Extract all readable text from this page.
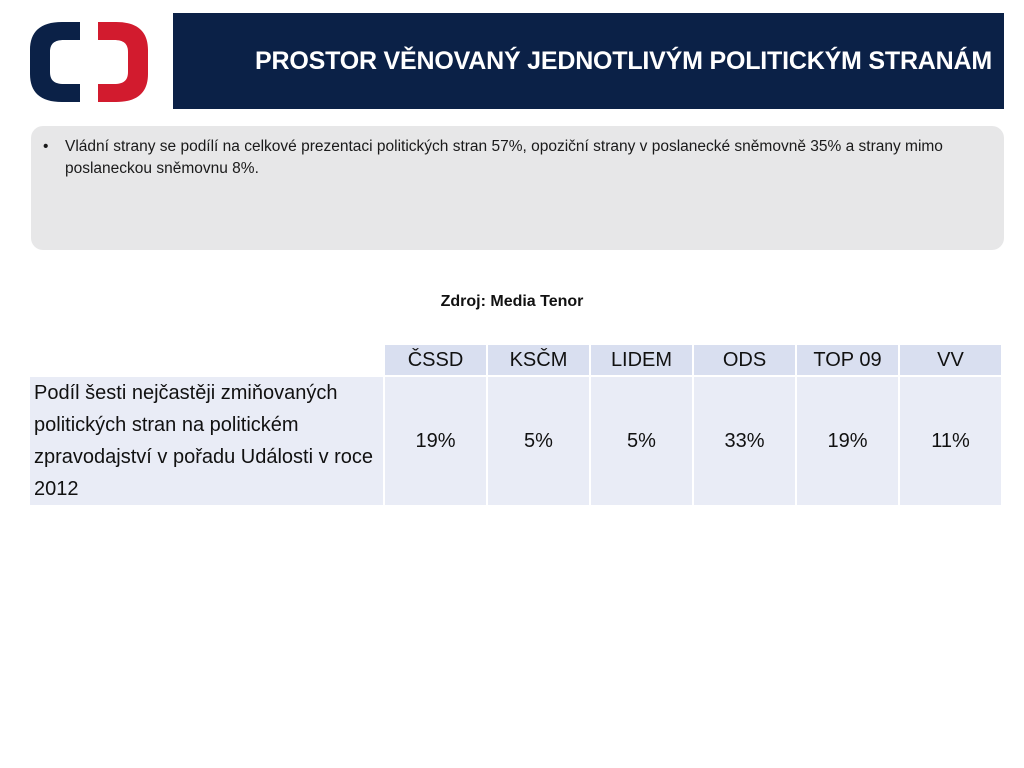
PROSTOR VĚNOVANÝ JEDNOTLIVÝM POLITICKÝM STRANÁM
• Vládní strany se podílí na celkové prezentaci politických stran 57%, opoziční strany v poslanecké sněmovně 35% a strany mimo poslaneckou sněmovnu 8%.
Zdroj: Media Tenor
	ČSSD	KSČM	LIDEM	ODS	TOP 09	VV
Podíl šesti nejčastěji zmiňovaných politických stran na politickém zpravodajství v pořadu Události v roce 2012	19%	5%	5%	33%	19%	11%
